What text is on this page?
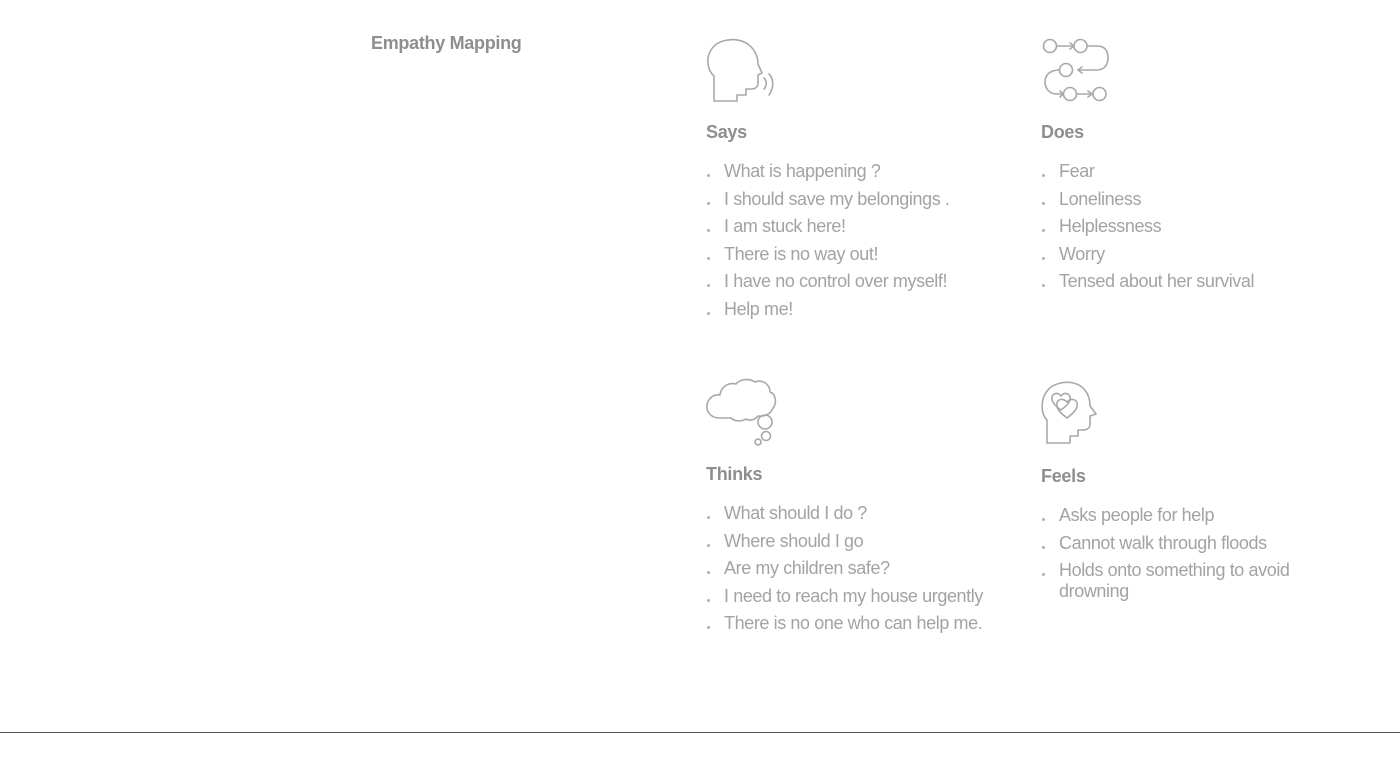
Empathy Mapping
Says
What is happening ?
I should save my belongings .
I am stuck here!
There is no way out!
I have no control over myself!
Help me!
Does
Fear
Loneliness
Helplessness
Worry
Tensed about her survival
Thinks
What should I do ?
Where should I go
Are my children safe?
I need to reach my house urgently
There is no one who can help me.
Feels
Asks people for help
Cannot walk through floods
Holds onto something to avoid drowning
